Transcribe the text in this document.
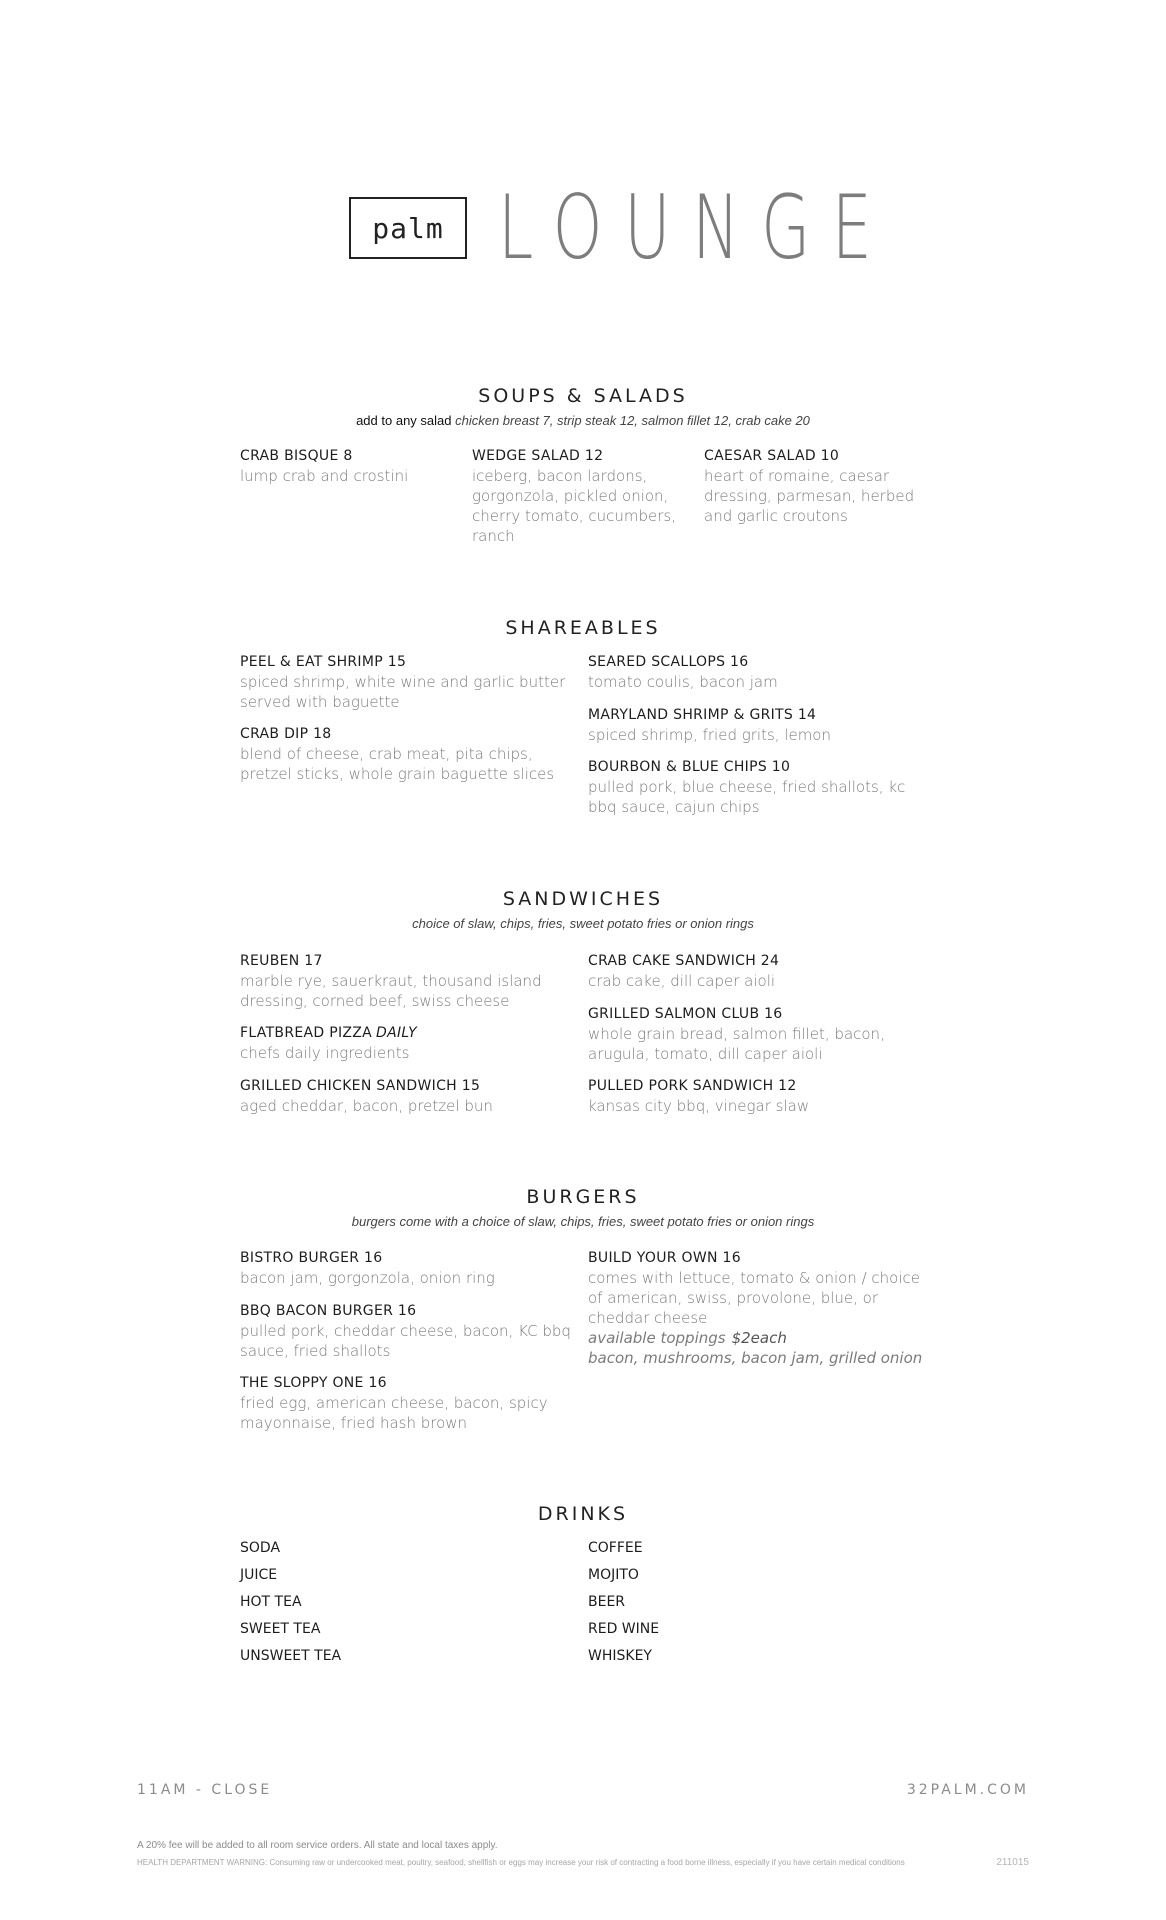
palm LOUNGE
SOUPS & SALADS
add to any salad chicken breast 7, strip steak 12, salmon fillet 12, crab cake 20
CRAB BISQUE 8
lump crab and crostini
WEDGE SALAD 12
iceberg, bacon lardons,
gorgonzola, pickled onion,
cherry tomato, cucumbers,
ranch
CAESAR SALAD 10
heart of romaine, caesar
dressing, parmesan, herbed
and garlic croutons
SHAREABLES
PEEL & EAT SHRIMP 15
spiced shrimp, white wine and garlic butter
served with baguette
CRAB DIP 18
blend of cheese, crab meat, pita chips,
pretzel sticks, whole grain baguette slices
SEARED SCALLOPS 16
tomato coulis, bacon jam
MARYLAND SHRIMP & GRITS 14
spiced shrimp, fried grits, lemon
BOURBON & BLUE CHIPS 10
pulled pork, blue cheese, fried shallots, kc
bbq sauce, cajun chips
SANDWICHES
choice of slaw, chips, fries, sweet potato fries or onion rings
REUBEN 17
marble rye, sauerkraut, thousand island
dressing, corned beef, swiss cheese
FLATBREAD PIZZA DAILY
chefs daily ingredients
GRILLED CHICKEN SANDWICH 15
aged cheddar, bacon, pretzel bun
CRAB CAKE SANDWICH 24
crab cake, dill caper aioli
GRILLED SALMON CLUB 16
whole grain bread, salmon fillet, bacon,
arugula, tomato, dill caper aioli
PULLED PORK SANDWICH 12
kansas city bbq, vinegar slaw
BURGERS
burgers come with a choice of slaw, chips, fries, sweet potato fries or onion rings
BISTRO BURGER 16
bacon jam, gorgonzola, onion ring
BBQ BACON BURGER 16
pulled pork, cheddar cheese, bacon, KC bbq
sauce, fried shallots
THE SLOPPY ONE 16
fried egg, american cheese, bacon, spicy
mayonnaise, fried hash brown
BUILD YOUR OWN 16
comes with lettuce, tomato & onion / choice
of american, swiss, provolone, blue, or
cheddar cheese
available toppings $2each
bacon, mushrooms, bacon jam, grilled onion
DRINKS
SODA
JUICE
HOT TEA
SWEET TEA
UNSWEET TEA
COFFEE
MOJITO
BEER
RED WINE
WHISKEY
11AM - CLOSE	32PALM.COM
A 20% fee will be added to all room service orders. All state and local taxes apply.
HEALTH DEPARTMENT WARNING: Consuming raw or undercooked meat, poultry, seafood, shellfish or eggs may increase your risk of contracting a food borne illness, especially if you have certain medical conditions	211015
